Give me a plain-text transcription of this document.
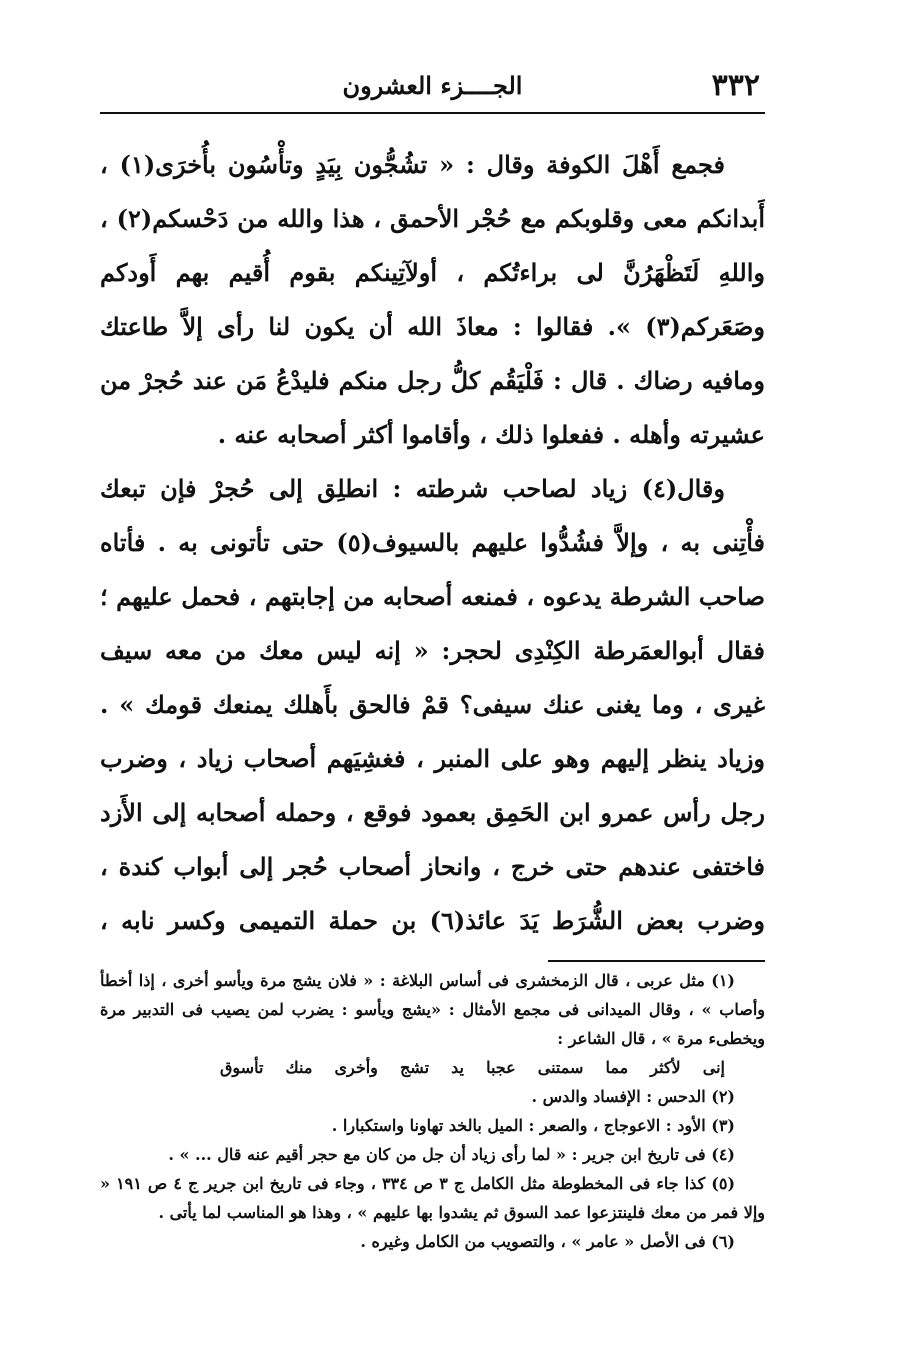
٣٣٢
الجــــزء العشرون

فجمع أَهْلَ الكوفة وقال : « تشُجُّون بِيَدٍ وتأْسُون بأُخرَى(١) ، أَبدانكم معى وقلوبكم مع حُجْر الأحمق ، هذا والله من دَحْسكم(٢) ، واللهِ لَتَظْهَرُنَّ لى براءتُكم ، أولآتِينكم بقوم أُقيم بهم أَودكم وصَعَركم(٣) ». فقالوا : معاذَ الله أن يكون لنا رأى إلاَّ طاعتك ومافيه رضاك . قال : فَلْيَقُم كلُّ رجل منكم فليدْعُ مَن عند حُجرْ من عشيرته وأهله . ففعلوا ذلك ، وأقاموا أكثر أصحابه عنه .

وقال(٤) زياد لصاحب شرطته : انطلِق إلى حُجرْ فإن تبعك فأْتِنى به ، وإلاَّ فشُدُّوا عليهم بالسيوف(٥) حتى تأتونى به . فأتاه صاحب الشرطة يدعوه ، فمنعه أصحابه من إجابتهم ، فحمل عليهم ؛ فقال أبوالعمَرطة الكِنْدِى لحجر: « إنه ليس معك من معه سيف غيرى ، وما يغنى عنك سيفى؟ قمْ فالحق بأَهلك يمنعك قومك » . وزياد ينظر إليهم وهو على المنبر ، فغشِيَهم أصحاب زياد ، وضرب رجل رأس عمرو ابن الحَمِق بعمود فوقع ، وحمله أصحابه إلى الأَزد فاختفى عندهم حتى خرج ، وانحاز أصحاب حُجر إلى أبواب كندة ، وضرب بعض الشُّرَط يَدَ عائذ(٦) بن حملة التميمى وكسر نابه ،

(١) مثل عربى ، قال الزمخشرى فى أساس البلاغة : « فلان يشج مرة ويأسو أخرى ، إذا أخطأ وأصاب » ، وقال الميدانى فى مجمع الأمثال : «يشج ويأسو : يضرب لمن يصيب فى التدبير مرة ويخطىء مرة » ، قال الشاعر :

إنى لأكثر مما سمتنى عجبا يد تشج وأخرى منك تأسوق

(٢) الدحس : الإفساد والدس .

(٣) الأود : الاعوجاج ، والصعر : الميل بالخد تهاونا واستكبارا .

(٤) فى تاريخ ابن جرير : « لما رأى زياد أن جل من كان مع حجر أقيم عنه قال ... » .

(٥) كذا جاء فى المخطوطة مثل الكامل ج ٣ ص ٣٣٤ ، وجاء فى تاريخ ابن جرير ج ٤ ص ١٩١ « وإلا فمر من معك فلينتزعوا عمد السوق ثم يشدوا بها عليهم » ، وهذا هو المناسب لما يأتى .

(٦) فى الأصل « عامر » ، والتصويب من الكامل وغيره .
